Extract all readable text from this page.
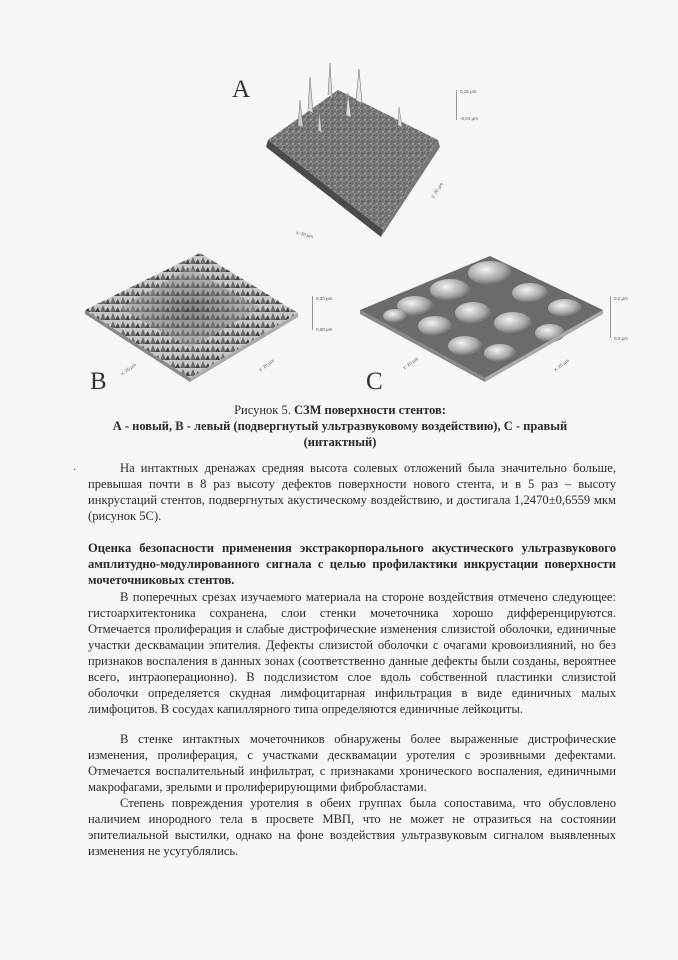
A	0,15 µm
-0,04 µm
y: 20 µm
x: 20 µm
0,30 µm
0,00 µm
x: 20 µm	y: 20 µm
B
0,2 µm
0,0 µm
y: 20 µm	x: 20 µm
C
Рисунок 5. СЗМ поверхности стентов:
А - новый, В - левый (подвергнутый ультразвуковому воздействию), С - правый
(интактный)
·	На интактных дренажах средняя высота солевых отложений была значительно больше, превышая почти в 8 раз высоту дефектов поверхности нового стента, и в 5 раз – высоту инкрустаций стентов, подвергнутых акустическому воздействию, и достигала 1,2470±0,6559 мкм (рисунок 5С).

Оценка безопасности применения экстракорпорального акустического ультразвукового амплитудно-модулированного сигнала с целью профилактики инкрустации поверхности мочеточниковых стентов.

В поперечных срезах изучаемого материала на стороне воздействия отмечено следующее: гистоархитектоника сохранена, слои стенки мочеточника хорошо дифференцируются. Отмечается пролиферация и слабые дистрофические изменения слизистой оболочки, единичные участки десквамации эпителия. Дефекты слизистой оболочки с очагами кровоизлияний, но без признаков воспаления в данных зонах (соответственно данные дефекты были созданы, вероятнее всего, интраоперационно). В подслизистом слое вдоль собственной пластинки слизистой оболочки определяется скудная лимфоцитарная инфильтрация в виде единичных малых лимфоцитов. В сосудах капиллярного типа определяются единичные лейкоциты.

В стенке интактных мочеточников обнаружены более выраженные дистрофические изменения, пролиферация, с участками десквамации уротелия с эрозивными дефектами. Отмечается воспалительный инфильтрат, с признаками хронического воспаления, единичными макрофагами, зрелыми и пролиферирующими фибробластами.

Степень повреждения уротелия в обеих группах была сопоставима, что обусловлено наличием инородного тела в просвете МВП, что не может не отразиться на состоянии эпителиальной выстилки, однако на фоне воздействия ультразвуковым сигналом выявленных изменения не усугублялись.
